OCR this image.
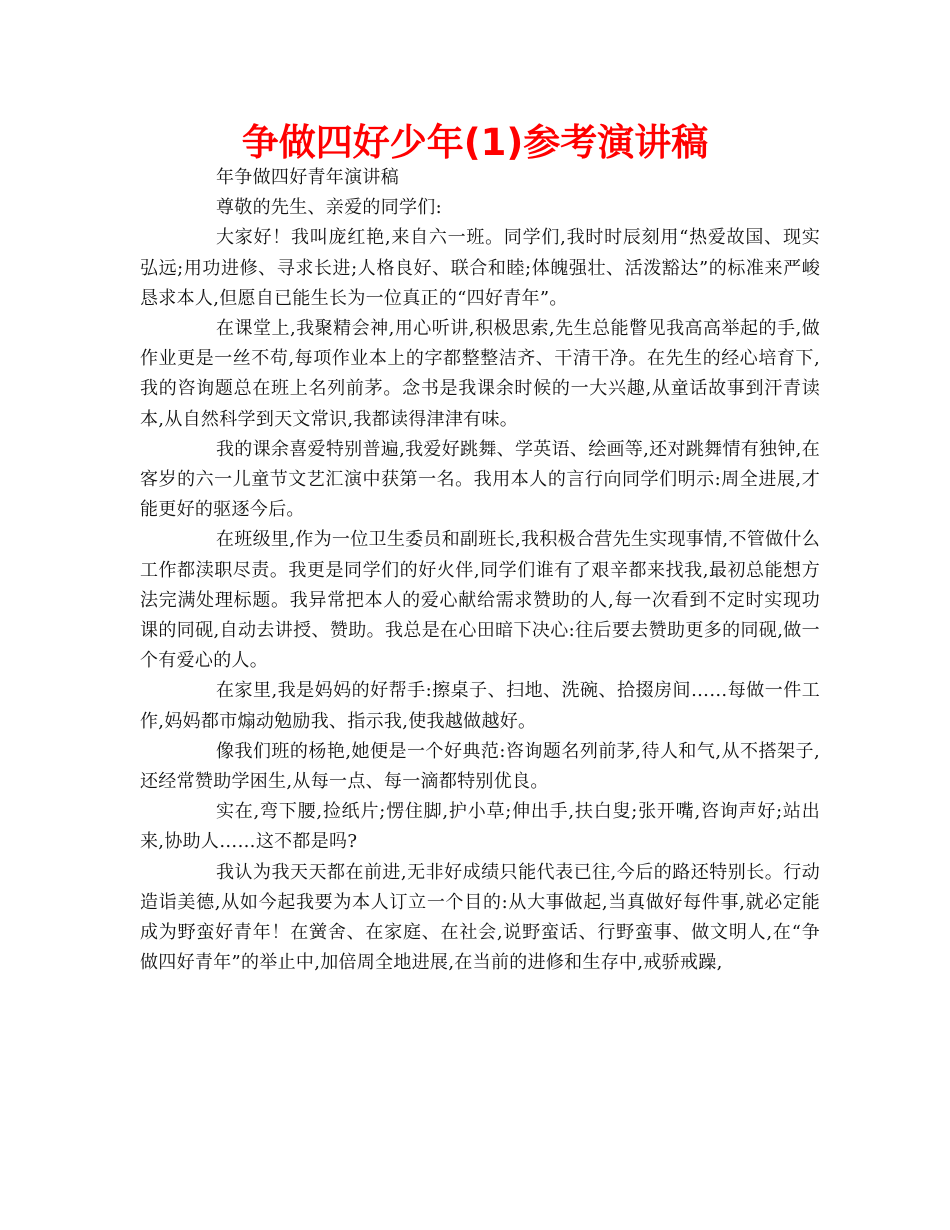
争做四好少年(1)参考演讲稿

年争做四好青年演讲稿

尊敬的先生、亲爱的同学们:

大家好！我叫庞红艳,来自六一班。同学们,我时时辰刻用“热爱故国、现实弘远;用功进修、寻求长进;人格良好、联合和睦;体魄强壮、活泼豁达”的标准来严峻恳求本人,但愿自已能生长为一位真正的“四好青年”。

在课堂上,我聚精会神,用心听讲,积极思索,先生总能瞥见我高高举起的手,做作业更是一丝不苟,每项作业本上的字都整整洁齐、干清干净。在先生的经心培育下,我的咨询题总在班上名列前茅。念书是我课余时候的一大兴趣,从童话故事到汗青读本,从自然科学到天文常识,我都读得津津有味。

我的课余喜爱特别普遍,我爱好跳舞、学英语、绘画等,还对跳舞情有独钟,在客岁的六一儿童节文艺汇演中获第一名。我用本人的言行向同学们明示:周全进展,才能更好的驱逐今后。

在班级里,作为一位卫生委员和副班长,我积极合营先生实现事情,不管做什么工作都渎职尽责。我更是同学们的好火伴,同学们谁有了艰辛都来找我,最初总能想方法完满处理标题。我异常把本人的爱心献给需求赞助的人,每一次看到不定时实现功课的同砚,自动去讲授、赞助。我总是在心田暗下决心:往后要去赞助更多的同砚,做一个有爱心的人。

在家里,我是妈妈的好帮手:擦桌子、扫地、洗碗、拾掇房间……每做一件工作,妈妈都市煽动勉励我、指示我,使我越做越好。

像我们班的杨艳,她便是一个好典范:咨询题名列前茅,待人和气,从不搭架子,还经常赞助学困生,从每一点、每一滴都特别优良。

实在,弯下腰,捡纸片;愣住脚,护小草;伸出手,扶白叟;张开嘴,咨询声好;站出来,协助人……这不都是吗?

我认为我天天都在前进,无非好成绩只能代表已往,今后的路还特别长。行动造诣美德,从如今起我要为本人订立一个目的:从大事做起,当真做好每件事,就必定能成为野蛮好青年！在黉舍、在家庭、在社会,说野蛮话、行野蛮事、做文明人,在“争做四好青年”的举止中,加倍周全地进展,在当前的进修和生存中,戒骄戒躁,
